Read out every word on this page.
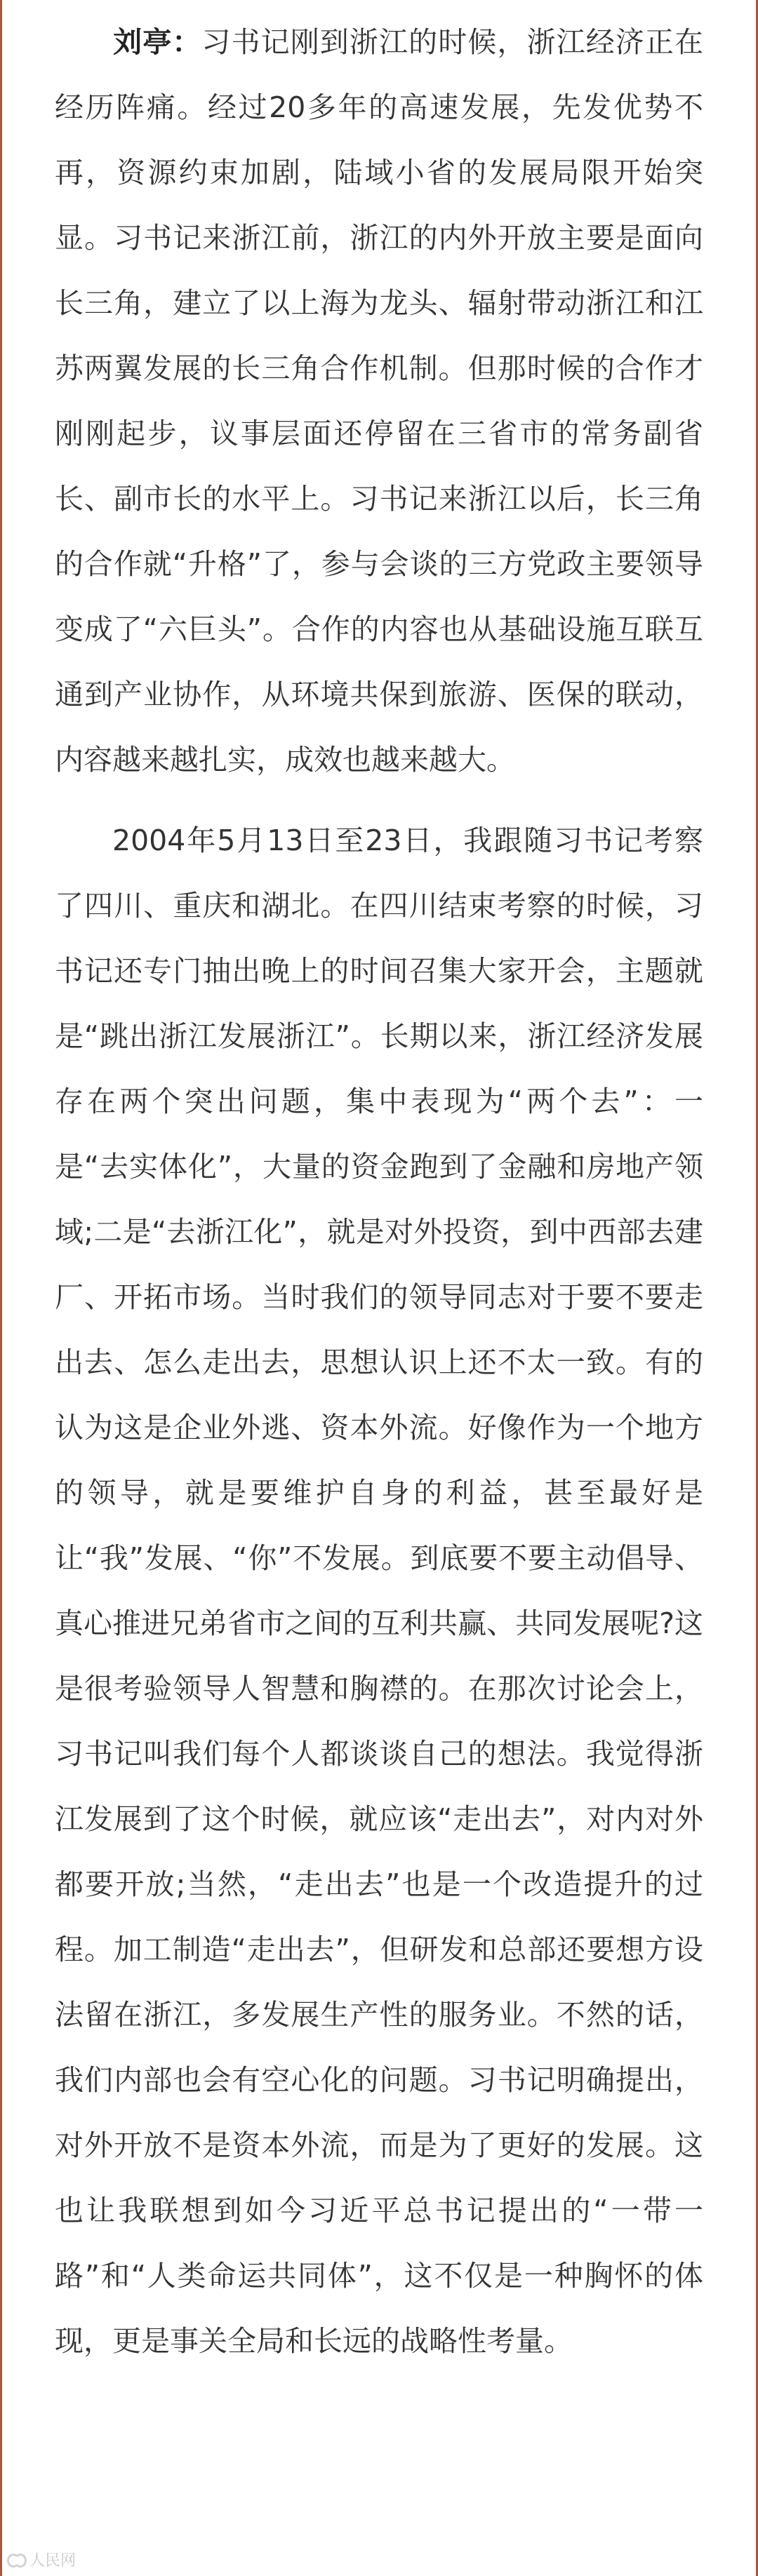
刘亭：习书记刚到浙江的时候，浙江经济正在经历阵痛。经过20多年的高速发展，先发优势不再，资源约束加剧，陆域小省的发展局限开始突显。习书记来浙江前，浙江的内外开放主要是面向长三角，建立了以上海为龙头、辐射带动浙江和江苏两翼发展的长三角合作机制。但那时候的合作才刚刚起步，议事层面还停留在三省市的常务副省长、副市长的水平上。习书记来浙江以后，长三角的合作就“升格”了，参与会谈的三方党政主要领导变成了“六巨头”。合作的内容也从基础设施互联互通到产业协作，从环境共保到旅游、医保的联动，内容越来越扎实，成效也越来越大。

2004年5月13日至23日，我跟随习书记考察了四川、重庆和湖北。在四川结束考察的时候，习书记还专门抽出晚上的时间召集大家开会，主题就是“跳出浙江发展浙江”。长期以来，浙江经济发展存在两个突出问题，集中表现为“两个去”：一是“去实体化”，大量的资金跑到了金融和房地产领域;二是“去浙江化”，就是对外投资，到中西部去建厂、开拓市场。当时我们的领导同志对于要不要走出去、怎么走出去，思想认识上还不太一致。有的认为这是企业外逃、资本外流。好像作为一个地方的领导，就是要维护自身的利益，甚至最好是让“我”发展、“你”不发展。到底要不要主动倡导、真心推进兄弟省市之间的互利共赢、共同发展呢?这是很考验领导人智慧和胸襟的。在那次讨论会上，习书记叫我们每个人都谈谈自己的想法。我觉得浙江发展到了这个时候，就应该“走出去”，对内对外都要开放;当然，“走出去”也是一个改造提升的过程。加工制造“走出去”，但研发和总部还要想方设法留在浙江，多发展生产性的服务业。不然的话，我们内部也会有空心化的问题。习书记明确提出，对外开放不是资本外流，而是为了更好的发展。这也让我联想到如今习近平总书记提出的“一带一路”和“人类命运共同体”，这不仅是一种胸怀的体现，更是事关全局和长远的战略性考量。

人民网
